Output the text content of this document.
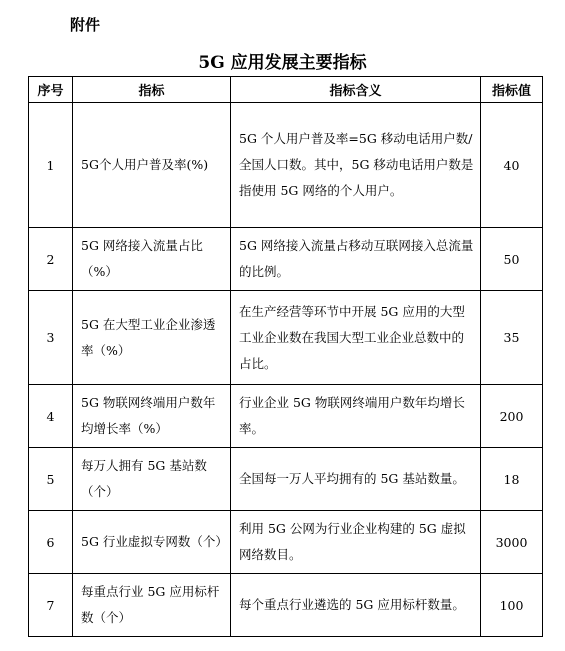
附件
5G 应用发展主要指标
序号	指标	指标含义	指标值
1	5G个人用户普及率(%)	5G 个人用户普及率=5G 移动电话用户数/全国人口数。其中，5G 移动电话用户数是指使用 5G 网络的个人用户。	40
2	5G 网络接入流量占比（%）	5G 网络接入流量占移动互联网接入总流量的比例。	50
3	5G 在大型工业企业渗透率（%）	在生产经营等环节中开展 5G 应用的大型工业企业数在我国大型工业企业总数中的占比。	35
4	5G 物联网终端用户数年均增长率（%）	行业企业 5G 物联网终端用户数年均增长率。	200
5	每万人拥有 5G 基站数（个）	全国每一万人平均拥有的 5G 基站数量。	18
6	5G 行业虚拟专网数（个）	利用 5G 公网为行业企业构建的 5G 虚拟网络数目。	3000
7	每重点行业 5G 应用标杆数（个）	每个重点行业遴选的 5G 应用标杆数量。	100
